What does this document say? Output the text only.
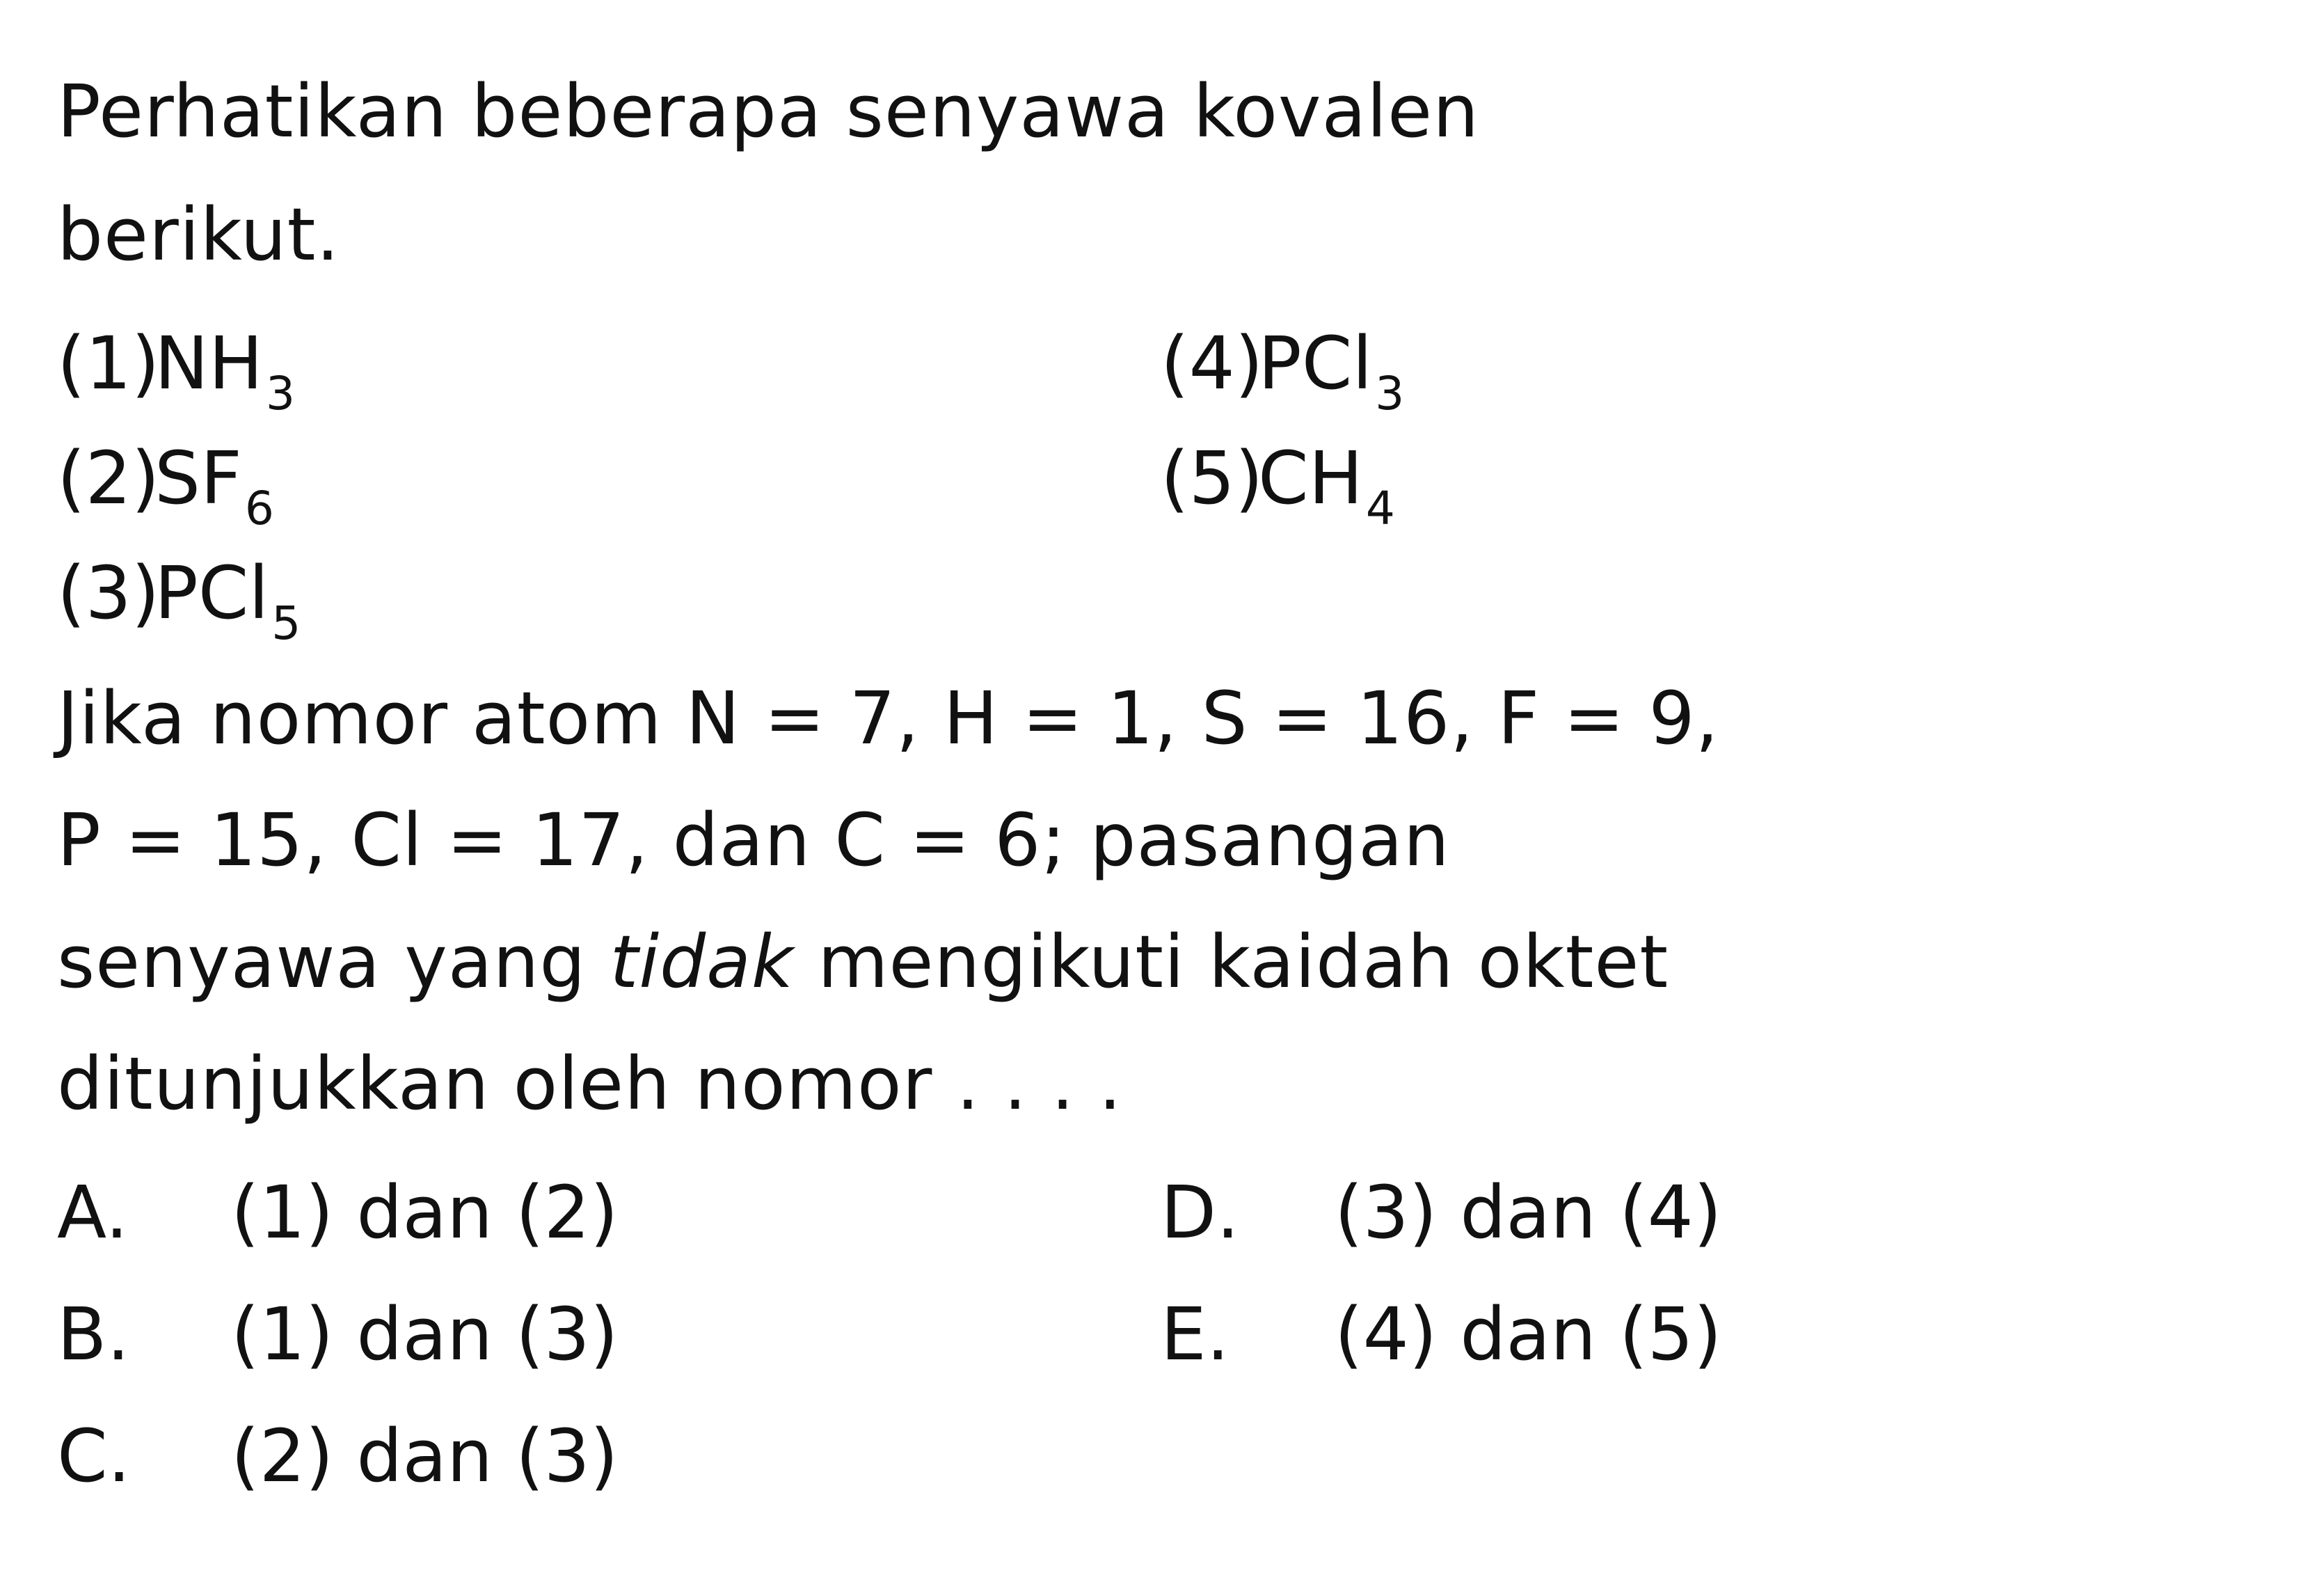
Perhatikan beberapa senyawa kovalen
berikut.
$(1)NH_3$
$(2)SF_6$
(3)PCl$_5$
(4)PCl$_3$
$(5)CH_4$
Jika nomor atom N = 7, H = 1, S = 16, F = 9,
P = 15, Cl = 17, dan C = 6; pasangan
senyawa yang tidak mengikuti kaidah oktet
ditunjukkan oleh nomor . . . .
A. (1) dan (2)
B. (1) dan (3)
C. (2) dan (3)
D. (3) dan (4)
E. (4) dan (5)
